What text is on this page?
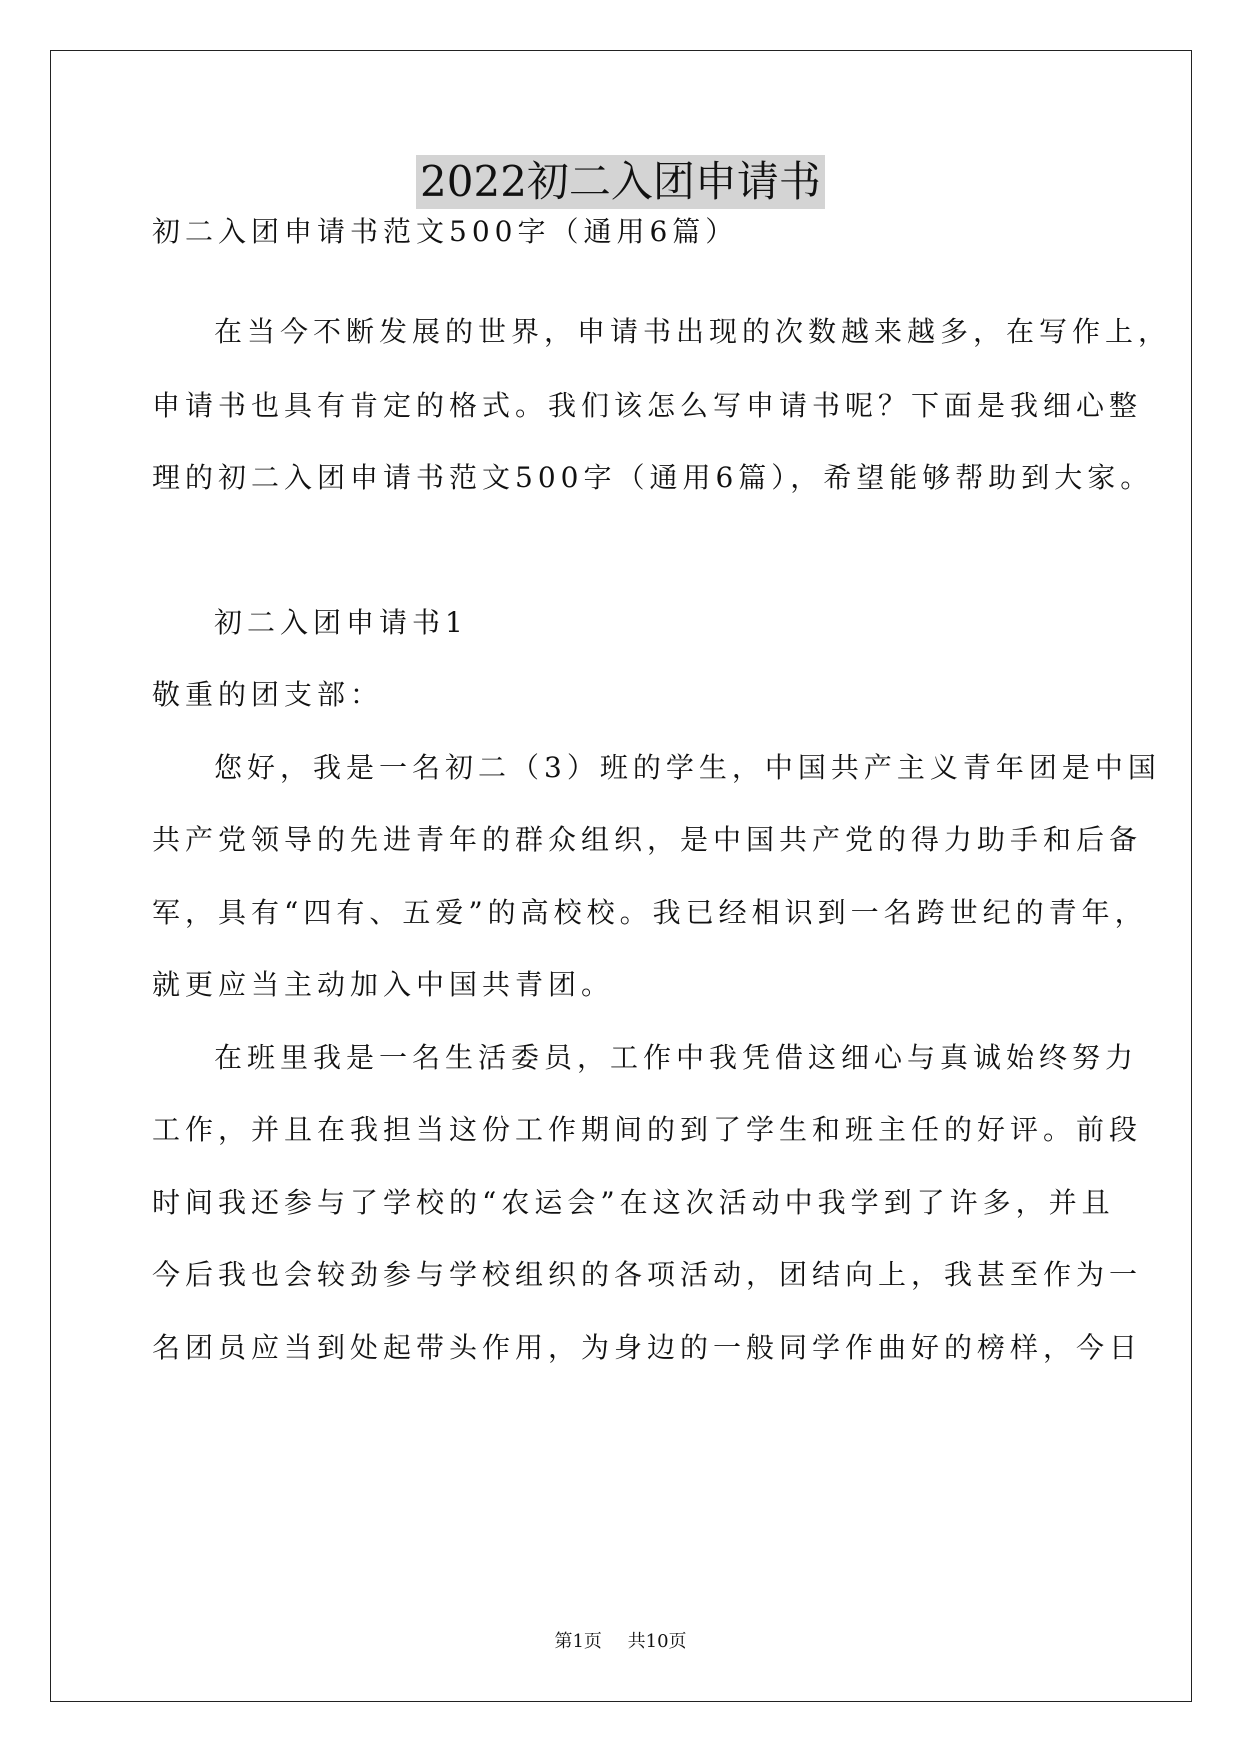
2022初二入团申请书
初二入团申请书范文500字（通用6篇）
在当今不断发展的世界，申请书出现的次数越来越多，在写作上，
申请书也具有肯定的格式。我们该怎么写申请书呢？下面是我细心整
理的初二入团申请书范文500字（通用6篇），希望能够帮助到大家。
初二入团申请书1
敬重的团支部：
您好，我是一名初二（3）班的学生，中国共产主义青年团是中国
共产党领导的先进青年的群众组织，是中国共产党的得力助手和后备
军，具有“四有、五爱”的高校校。我已经相识到一名跨世纪的青年，
就更应当主动加入中国共青团。
在班里我是一名生活委员，工作中我凭借这细心与真诚始终努力
工作，并且在我担当这份工作期间的到了学生和班主任的好评。前段
时间我还参与了学校的“农运会”在这次活动中我学到了许多，并且
今后我也会较劲参与学校组织的各项活动，团结向上，我甚至作为一
名团员应当到处起带头作用，为身边的一般同学作曲好的榜样，今日
第1页 共10页
